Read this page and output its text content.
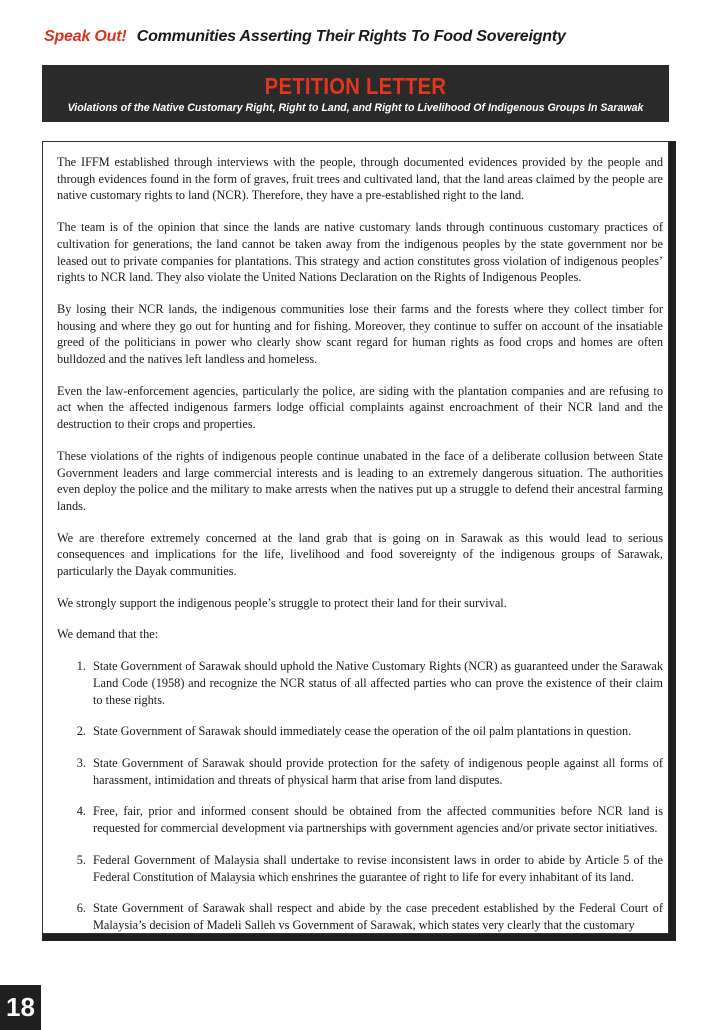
Speak Out! Communities Asserting Their Rights To Food Sovereignty
PETITION LETTER
Violations of the Native Customary Right, Right to Land, and Right to Livelihood Of Indigenous Groups In Sarawak

The IFFM established through interviews with the people, through documented evidences provided by the people and through evidences found in the form of graves, fruit trees and cultivated land, that the land areas claimed by the people are native customary rights to land (NCR). Therefore, they have a pre-established right to the land.

The team is of the opinion that since the lands are native customary lands through continuous customary practices of cultivation for generations, the land cannot be taken away from the indigenous peoples by the state government nor be leased out to private companies for plantations. This strategy and action constitutes gross violation of indigenous peoples’ rights to NCR land. They also violate the United Nations Declaration on the Rights of Indigenous Peoples.

By losing their NCR lands, the indigenous communities lose their farms and the forests where they collect timber for housing and where they go out for hunting and for fishing. Moreover, they continue to suffer on account of the insatiable greed of the politicians in power who clearly show scant regard for human rights as food crops and homes are often bulldozed and the natives left landless and homeless.

Even the law-enforcement agencies, particularly the police, are siding with the plantation companies and are refusing to act when the affected indigenous farmers lodge official complaints against encroachment of their NCR land and the destruction to their crops and properties.

These violations of the rights of indigenous people continue unabated in the face of a deliberate collusion between State Government leaders and large commercial interests and is leading to an extremely dangerous situation. The authorities even deploy the police and the military to make arrests when the natives put up a struggle to defend their ancestral farming lands.

We are therefore extremely concerned at the land grab that is going on in Sarawak as this would lead to serious consequences and implications for the life, livelihood and food sovereignty of the indigenous groups of Sarawak, particularly the Dayak communities.

We strongly support the indigenous people’s struggle to protect their land for their survival.

We demand that the:

1. State Government of Sarawak should uphold the Native Customary Rights (NCR) as guaranteed under the Sarawak Land Code (1958) and recognize the NCR status of all affected parties who can prove the existence of their claim to these rights.
2. State Government of Sarawak should immediately cease the operation of the oil palm plantations in question.
3. State Government of Sarawak should provide protection for the safety of indigenous people against all forms of harassment, intimidation and threats of physical harm that arise from land disputes.
4. Free, fair, prior and informed consent should be obtained from the affected communities before NCR land is requested for commercial development via partnerships with government agencies and/or private sector initiatives.
5. Federal Government of Malaysia shall undertake to revise inconsistent laws in order to abide by Article 5 of the Federal Constitution of Malaysia which enshrines the guarantee of right to life for every inhabitant of its land.
6. State Government of Sarawak shall respect and abide by the case precedent established by the Federal Court of Malaysia’s decision of Madeli Salleh vs Government of Sarawak, which states very clearly that the customary
18
